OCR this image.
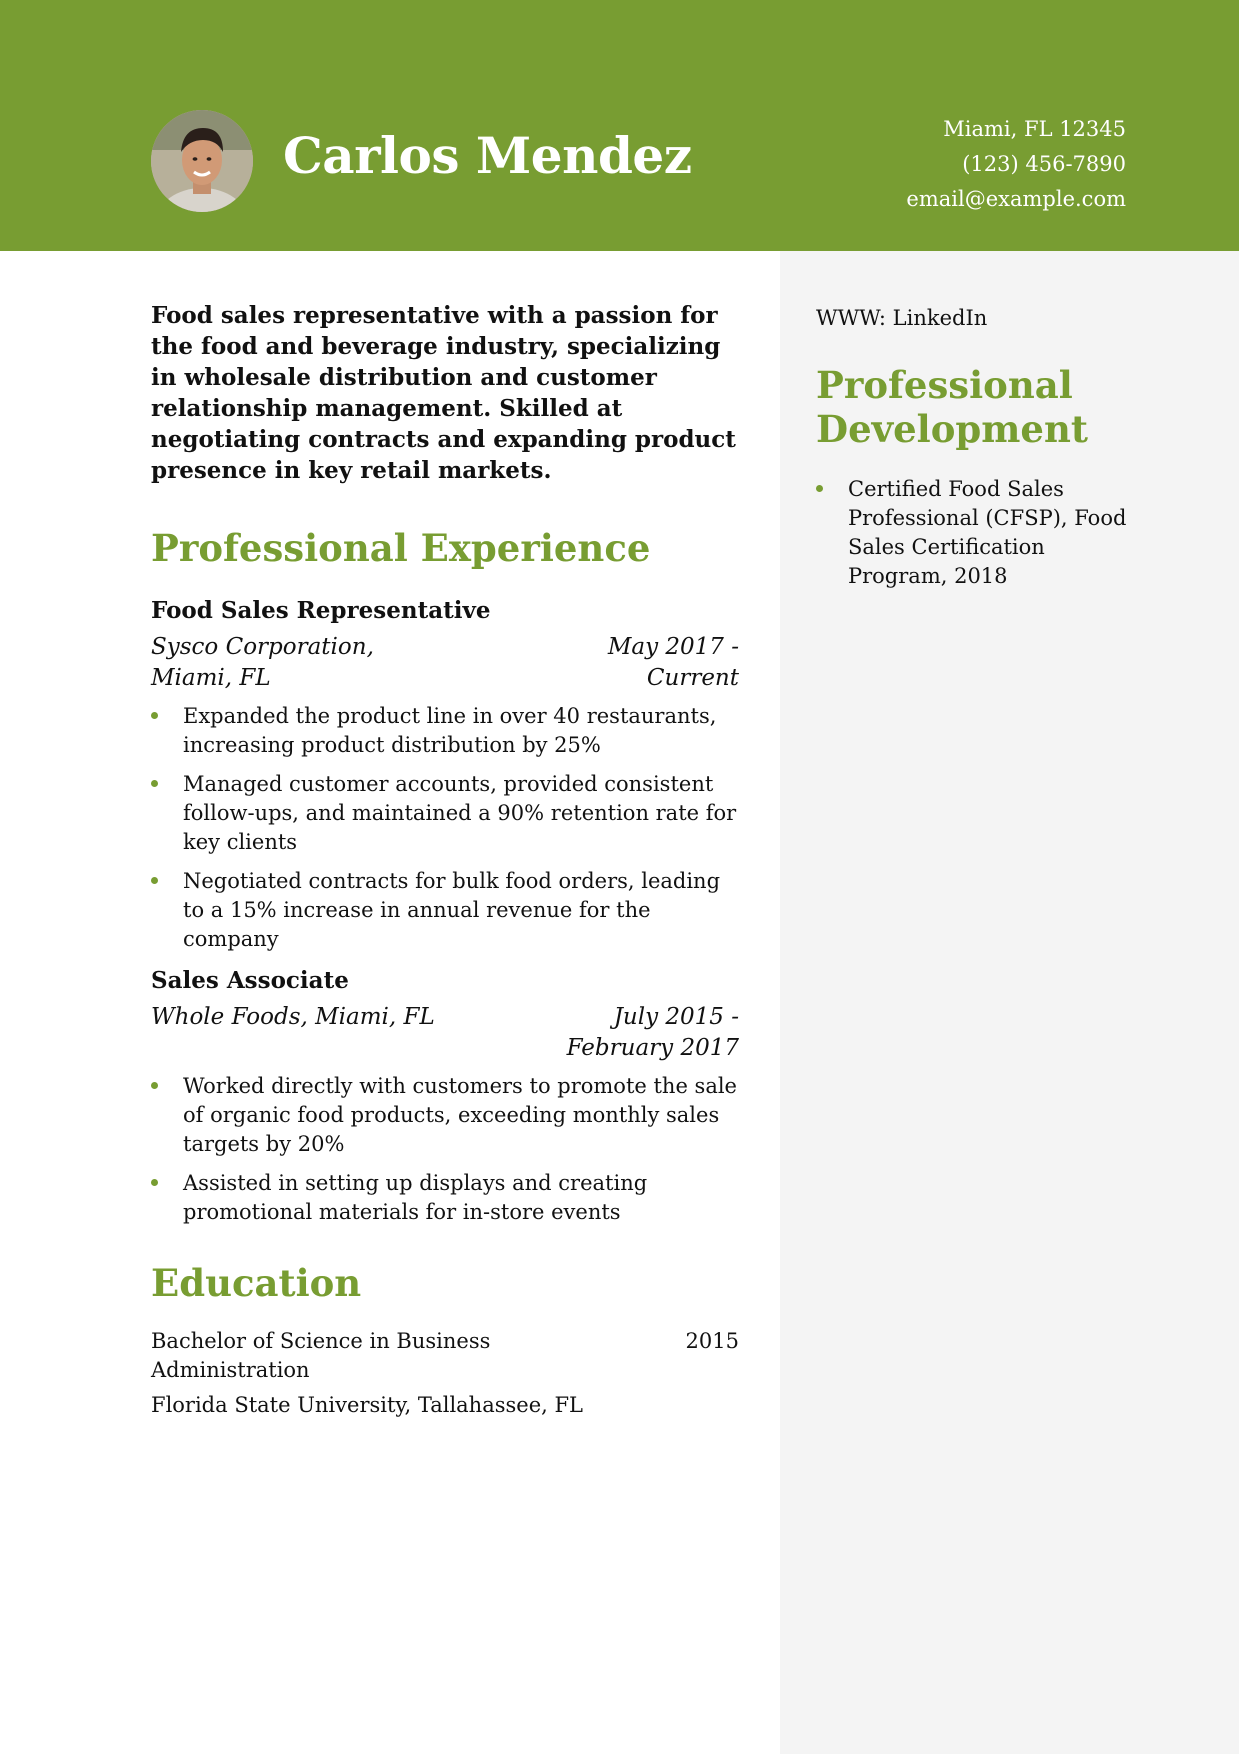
Carlos Mendez	Miami, FL 12345
(123) 456-7890
email@example.com

Food sales representative with a passion for the food and beverage industry, specializing in wholesale distribution and customer relationship management. Skilled at negotiating contracts and expanding product presence in key retail markets.

Professional Experience
Food Sales Representative
Sysco Corporation,
Miami, FL
May 2017 -
Current
Expanded the product line in over 40 restaurants, increasing product distribution by 25%
Managed customer accounts, provided consistent follow-ups, and maintained a 90% retention rate for key clients
Negotiated contracts for bulk food orders, leading to a 15% increase in annual revenue for the company
Sales Associate
Whole Foods, Miami, FL	July 2015 -
February 2017
Worked directly with customers to promote the sale of organic food products, exceeding monthly sales targets by 20%
Assisted in setting up displays and creating promotional materials for in-store events
Education
Bachelor of Science in Business Administration
2015
Florida State University, Tallahassee, FL
WWW: LinkedIn
Professional
Development
Certified Food Sales Professional (CFSP), Food Sales Certification Program, 2018
